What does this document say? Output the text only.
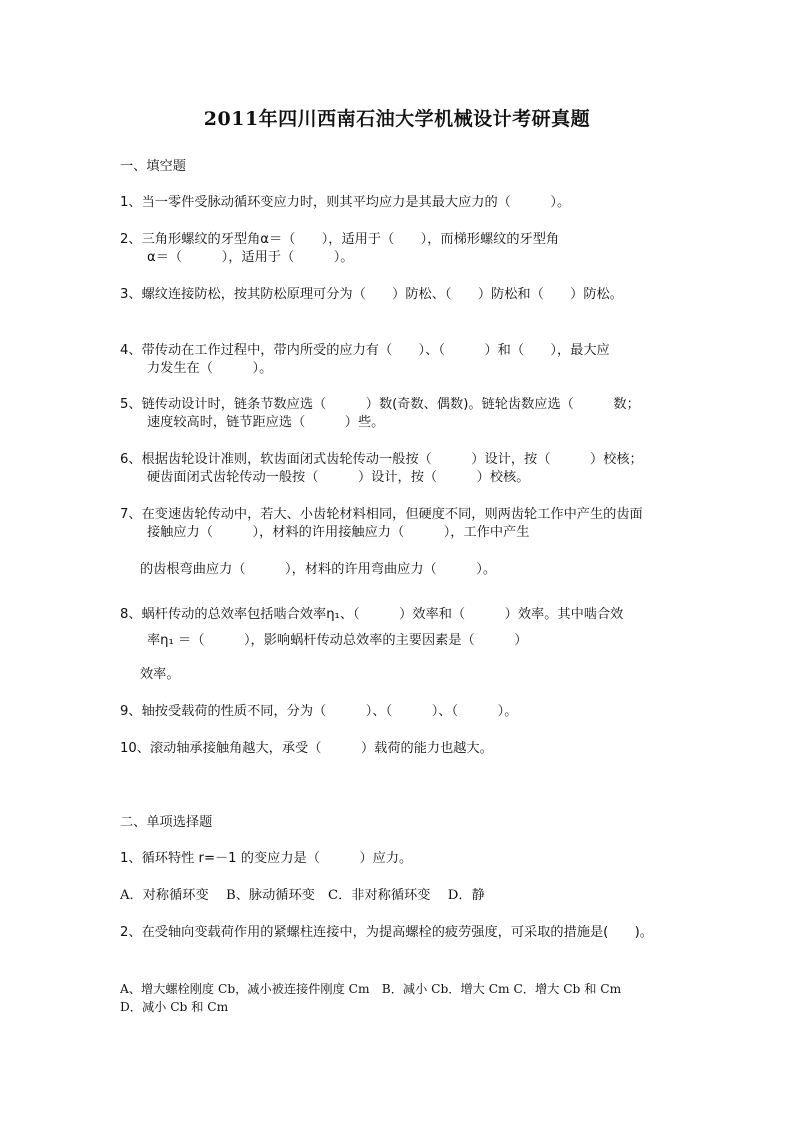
2011年四川西南石油大学机械设计考研真题
一、填空题
1、当一零件受脉动循环变应力时，则其平均应力是其最大应力的（　　　）。
2、三角形螺纹的牙型角α＝（　　），适用于（　　），而梯形螺纹的牙型角
α＝（　　　），适用于（　　　）。
3、螺纹连接防松，按其防松原理可分为（　　）防松、（　　）防松和（　　）防松。
4、带传动在工作过程中，带内所受的应力有（　　）、（　　　）和（　　），最大应
力发生在（　　　）。
5、链传动设计时，链条节数应选（　　　）数(奇数、偶数)。链轮齿数应选（　　　数；
速度较高时，链节距应选（　　　）些。
6、根据齿轮设计准则，软齿面闭式齿轮传动一般按（　　　）设计，按（　　　）校核；
硬齿面闭式齿轮传动一般按（　　　）设计，按（　　　）校核。
7、在变速齿轮传动中，若大、小齿轮材料相同，但硬度不同，则两齿轮工作中产生的齿面
接触应力（　　　），材料的许用接触应力（　　　），工作中产生
的齿根弯曲应力（　　　），材料的许用弯曲应力（　　　）。
8、蜗杆传动的总效率包括啮合效率η₁、（　　　）效率和（　　　）效率。其中啮合效
率η₁ ＝（　　　），影响蜗杆传动总效率的主要因素是（　　　）
效率。
9、轴按受载荷的性质不同，分为（　　　）、（　　　）、（　　　）。
10、滚动轴承接触角越大，承受（　　　）载荷的能力也越大。
二、单项选择题
1、循环特性 r=－1 的变应力是（　　　）应力。
A．对称循环变　 B、脉动循环变　C．非对称循环变　 D．静
2、在受轴向变载荷作用的紧螺柱连接中，为提高螺栓的疲劳强度，可采取的措施是(　　)。
A、增大螺栓刚度 Cb，减小被连接件刚度 Cm　B．减小 Cb．增大 Cm C．增大 Cb 和 Cm
D．减小 Cb 和 Cm
